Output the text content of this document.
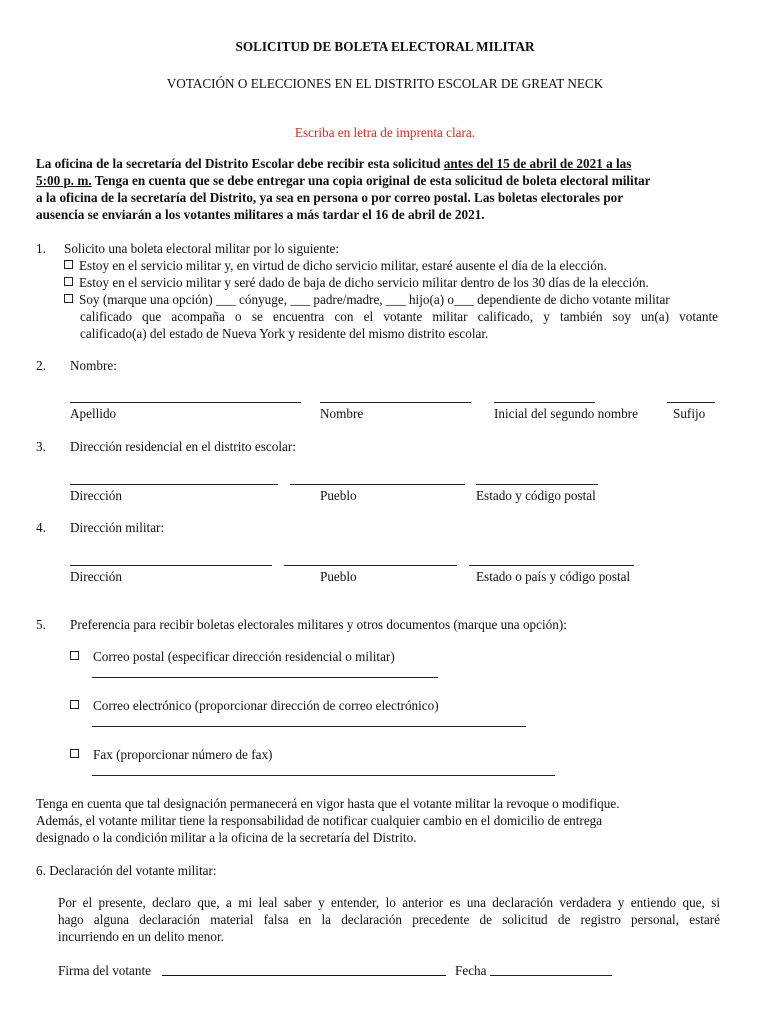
SOLICITUD DE BOLETA ELECTORAL MILITAR
VOTACIÓN O ELECCIONES EN EL DISTRITO ESCOLAR DE GREAT NECK
Escriba en letra de imprenta clara.
La oficina de la secretaría del Distrito Escolar debe recibir esta solicitud antes del 15 de abril de 2021 a las
5:00 p. m. Tenga en cuenta que se debe entregar una copia original de esta solicitud de boleta electoral militar
a la oficina de la secretaría del Distrito, ya sea en persona o por correo postal. Las boletas electorales por
ausencia se enviarán a los votantes militares a más tardar el 16 de abril de 2021.
1. Solicito una boleta electoral militar por lo siguiente:
Estoy en el servicio militar y, en virtud de dicho servicio militar, estaré ausente el día de la elección.
Estoy en el servicio militar y seré dado de baja de dicho servicio militar dentro de los 30 días de la elección.
Soy (marque una opción) ___ cónyuge, ___ padre/madre, ___ hijo(a) o___ dependiente de dicho votante militar
calificado que acompaña o se encuentra con el votante militar calificado, y también soy un(a) votante
calificado(a) del estado de Nueva York y residente del mismo distrito escolar.
2. Nombre:
Apellido	Nombre	Inicial del segundo nombre	Sufijo
3. Dirección residencial en el distrito escolar:
Dirección	Pueblo	Estado y código postal
4. Dirección militar:
Dirección	Pueblo	Estado o país y código postal
5. Preferencia para recibir boletas electorales militares y otros documentos (marque una opción):
Correo postal (especificar dirección residencial o militar)
Correo electrónico (proporcionar dirección de correo electrónico)
Fax (proporcionar número de fax)
Tenga en cuenta que tal designación permanecerá en vigor hasta que el votante militar la revoque o modifique.
Además, el votante militar tiene la responsabilidad de notificar cualquier cambio en el domicilio de entrega
designado o la condición militar a la oficina de la secretaría del Distrito.
6. Declaración del votante militar:
Por el presente, declaro que, a mi leal saber y entender, lo anterior es una declaración verdadera y entiendo que, si
hago alguna declaración material falsa en la declaración precedente de solicitud de registro personal, estaré
incurriendo en un delito menor.
Firma del votante	Fecha
